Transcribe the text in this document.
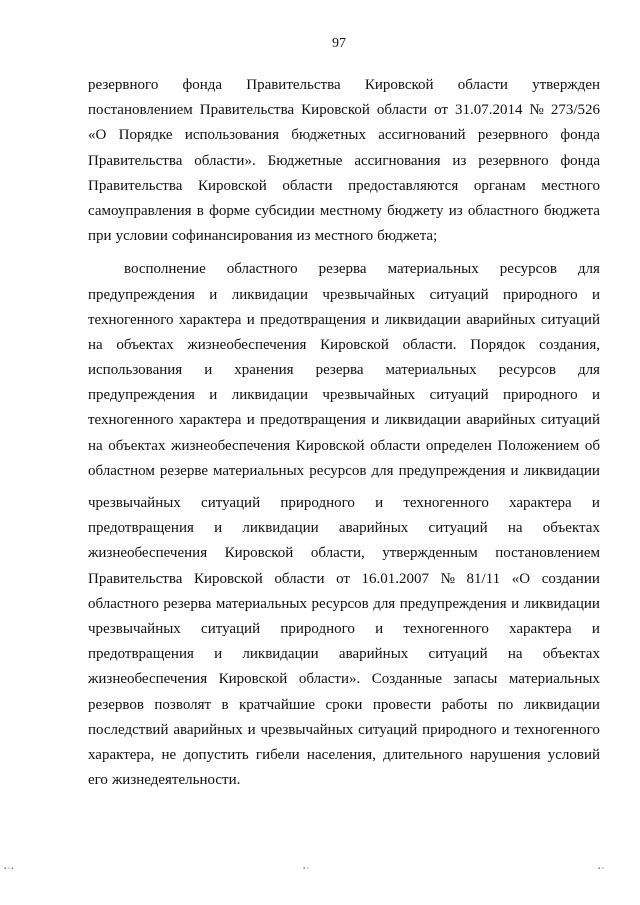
97
резервного фонда Правительства Кировской области утвержден
постановлением Правительства Кировской области от 31.07.2014 № 273/526
«О Порядке использования бюджетных ассигнований резервного фонда
Правительства области». Бюджетные ассигнования из резервного фонда
Правительства Кировской области предоставляются органам местного
самоуправления в форме субсидии местному бюджету из областного бюджета
при условии софинансирования из местного бюджета;
восполнение областного резерва материальных ресурсов для
предупреждения и ликвидации чрезвычайных ситуаций природного и
техногенного характера и предотвращения и ликвидации аварийных ситуаций
на объектах жизнеобеспечения Кировской области. Порядок создания,
использования и хранения резерва материальных ресурсов для
предупреждения и ликвидации чрезвычайных ситуаций природного и
техногенного характера и предотвращения и ликвидации аварийных ситуаций
на объектах жизнеобеспечения Кировской области определен Положением об
областном резерве материальных ресурсов для предупреждения и ликвидации
чрезвычайных ситуаций природного и техногенного характера и
предотвращения и ликвидации аварийных ситуаций на объектах
жизнеобеспечения Кировской области, утвержденным постановлением
Правительства Кировской области от 16.01.2007 № 81/11 «О создании
областного резерва материальных ресурсов для предупреждения и ликвидации
чрезвычайных ситуаций природного и техногенного характера и
предотвращения и ликвидации аварийных ситуаций на объектах
жизнеобеспечения Кировской области». Созданные запасы материальных
резервов позволят в кратчайшие сроки провести работы по ликвидации
последствий аварийных и чрезвычайных ситуаций природного и техногенного
характера, не допустить гибели населения, длительного нарушения условий
его жизнедеятельности.
▪ ▫ ▪	▪ ▫	▪ ▫
